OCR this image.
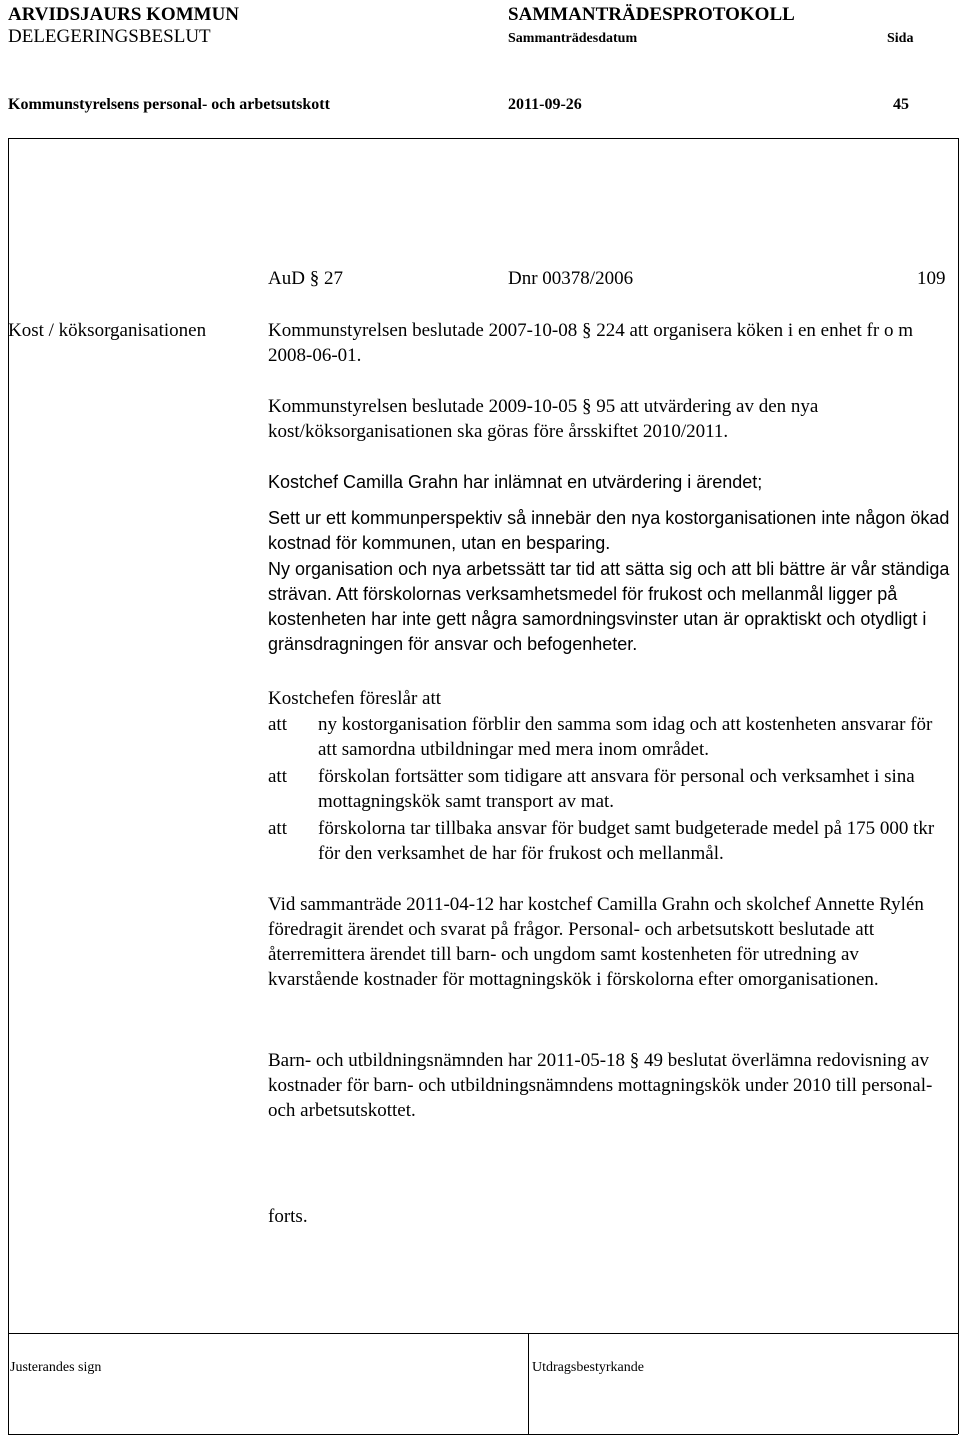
ARVIDSJAURS KOMMUN
DELEGERINGSBESLUT
SAMMANTRÄDESPROTOKOLL
Sammanträdesdatum	Sida
Kommunstyrelsens personal- och arbetsutskott	2011-09-26	45
AuD § 27	Dnr 00378/2006	109
Kost / köksorganisationen	Kommunstyrelsen beslutade 2007-10-08 § 224 att organisera köken i en enhet fr o m 2008-06-01.

Kommunstyrelsen beslutade 2009-10-05 § 95 att utvärdering av den nya kost/köksorganisationen ska göras före årsskiftet 2010/2011.

Kostchef Camilla Grahn har inlämnat en utvärdering i ärendet;

Sett ur ett kommunperspektiv så innebär den nya kostorganisationen inte någon ökad kostnad för kommunen, utan en besparing.

Ny organisation och nya arbetssätt tar tid att sätta sig och att bli bättre är vår ständiga strävan. Att förskolornas verksamhetsmedel för frukost och mellanmål ligger på kostenheten har inte gett några samordningsvinster utan är opraktiskt och otydligt i gränsdragningen för ansvar och befogenheter.

Kostchefen föreslår att

att	ny kostorganisation förblir den samma som idag och att kostenheten ansvarar för att samordna utbildningar med mera inom området.
att	förskolan fortsätter som tidigare att ansvara för personal och verksamhet i sina mottagningskök samt transport av mat.
att	förskolorna tar tillbaka ansvar för budget samt budgeterade medel på 175 000 tkr för den verksamhet de har för frukost och mellanmål.

Vid sammanträde 2011-04-12 har kostchef Camilla Grahn och skolchef Annette Rylén föredragit ärendet och svarat på frågor. Personal- och arbetsutskott beslutade att återremittera ärendet till barn- och ungdom samt kostenheten för utredning av kvarstående kostnader för mottagningskök i förskolorna efter omorganisationen.

Barn- och utbildningsnämnden har 2011-05-18 § 49 beslutat överlämna redovisning av kostnader för barn- och utbildningsnämndens mottagningskök under 2010 till personal- och arbetsutskottet.

forts.
Justerandes sign	Utdragsbestyrkande
